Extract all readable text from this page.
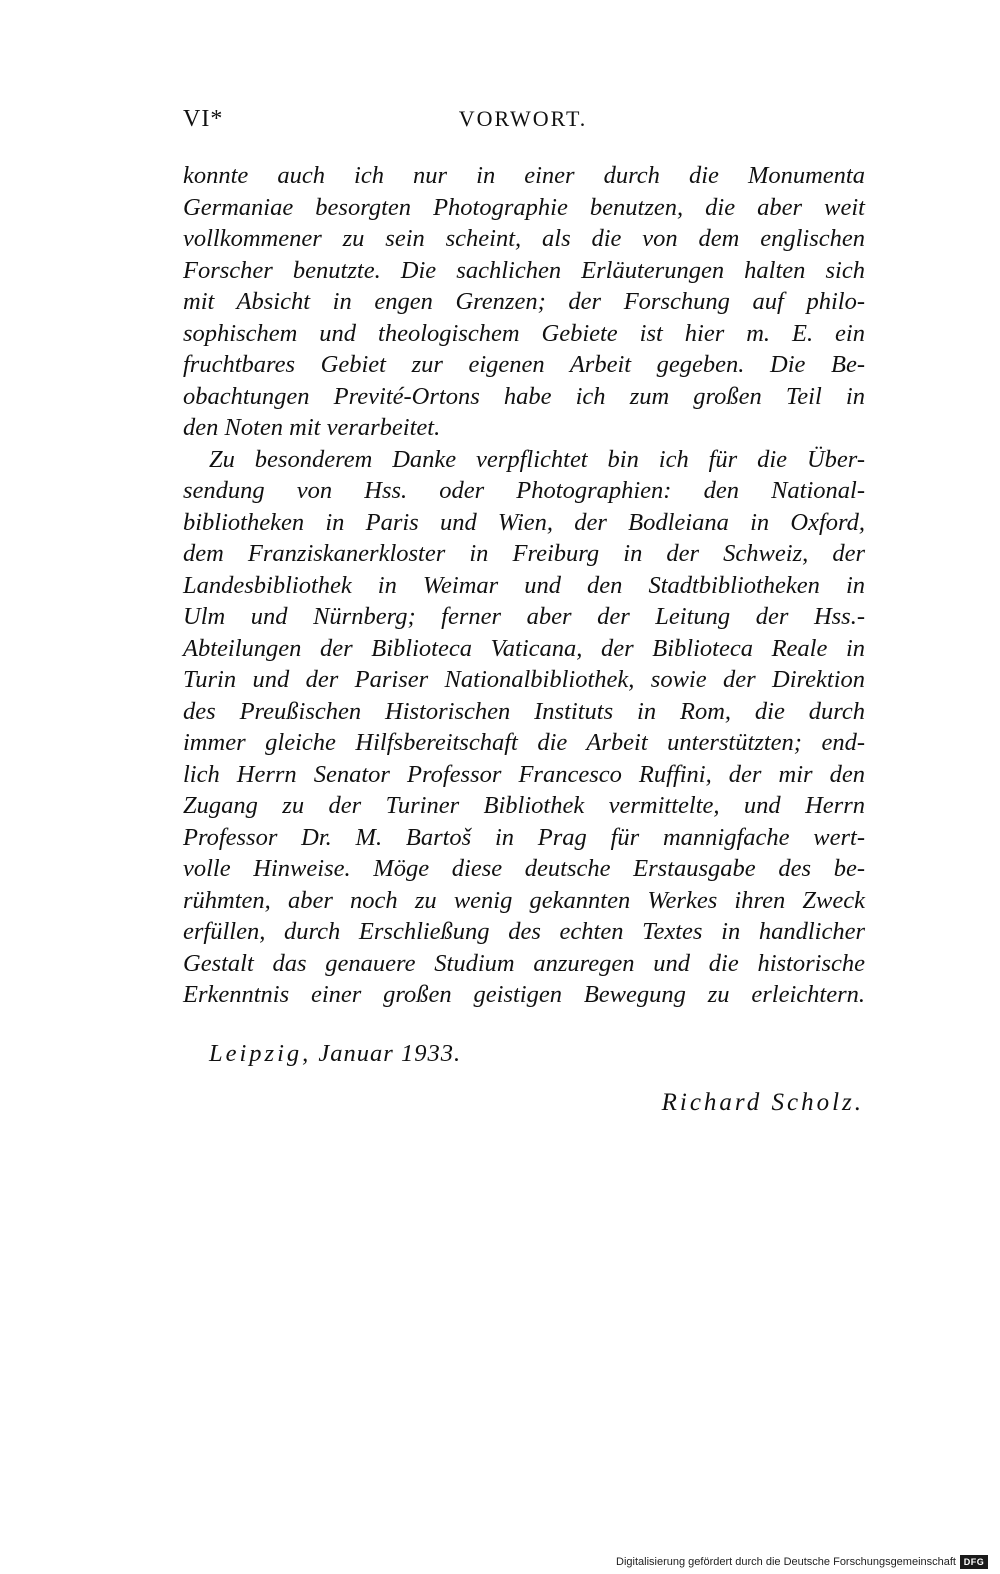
VI*	VORWORT.
konnte auch ich nur in einer durch die Monumenta
Germaniae besorgten Photographie benutzen, die aber weit
vollkommener zu sein scheint, als die von dem englischen
Forscher benutzte. Die sachlichen Erläuterungen halten sich
mit Absicht in engen Grenzen; der Forschung auf philo-
sophischem und theologischem Gebiete ist hier m. E. ein
fruchtbares Gebiet zur eigenen Arbeit gegeben. Die Be-
obachtungen Previté-Ortons habe ich zum großen Teil in
den Noten mit verarbeitet.
Zu besonderem Danke verpflichtet bin ich für die Über-
sendung von Hss. oder Photographien: den National-
bibliotheken in Paris und Wien, der Bodleiana in Oxford,
dem Franziskanerkloster in Freiburg in der Schweiz, der
Landesbibliothek in Weimar und den Stadtbibliotheken in
Ulm und Nürnberg; ferner aber der Leitung der Hss.-
Abteilungen der Biblioteca Vaticana, der Biblioteca Reale in
Turin und der Pariser Nationalbibliothek, sowie der Direktion
des Preußischen Historischen Instituts in Rom, die durch
immer gleiche Hilfsbereitschaft die Arbeit unterstützten; end-
lich Herrn Senator Professor Francesco Ruffini, der mir den
Zugang zu der Turiner Bibliothek vermittelte, und Herrn
Professor Dr. M. Bartoš in Prag für mannigfache wert-
volle Hinweise. Möge diese deutsche Erstausgabe des be-
rühmten, aber noch zu wenig gekannten Werkes ihren Zweck
erfüllen, durch Erschließung des echten Textes in handlicher
Gestalt das genauere Studium anzuregen und die historische
Erkenntnis einer großen geistigen Bewegung zu erleichtern.
Leipzig, Januar 1933.
Richard Scholz.
Digitalisierung gefördert durch die Deutsche Forschungsgemeinschaft DFG
